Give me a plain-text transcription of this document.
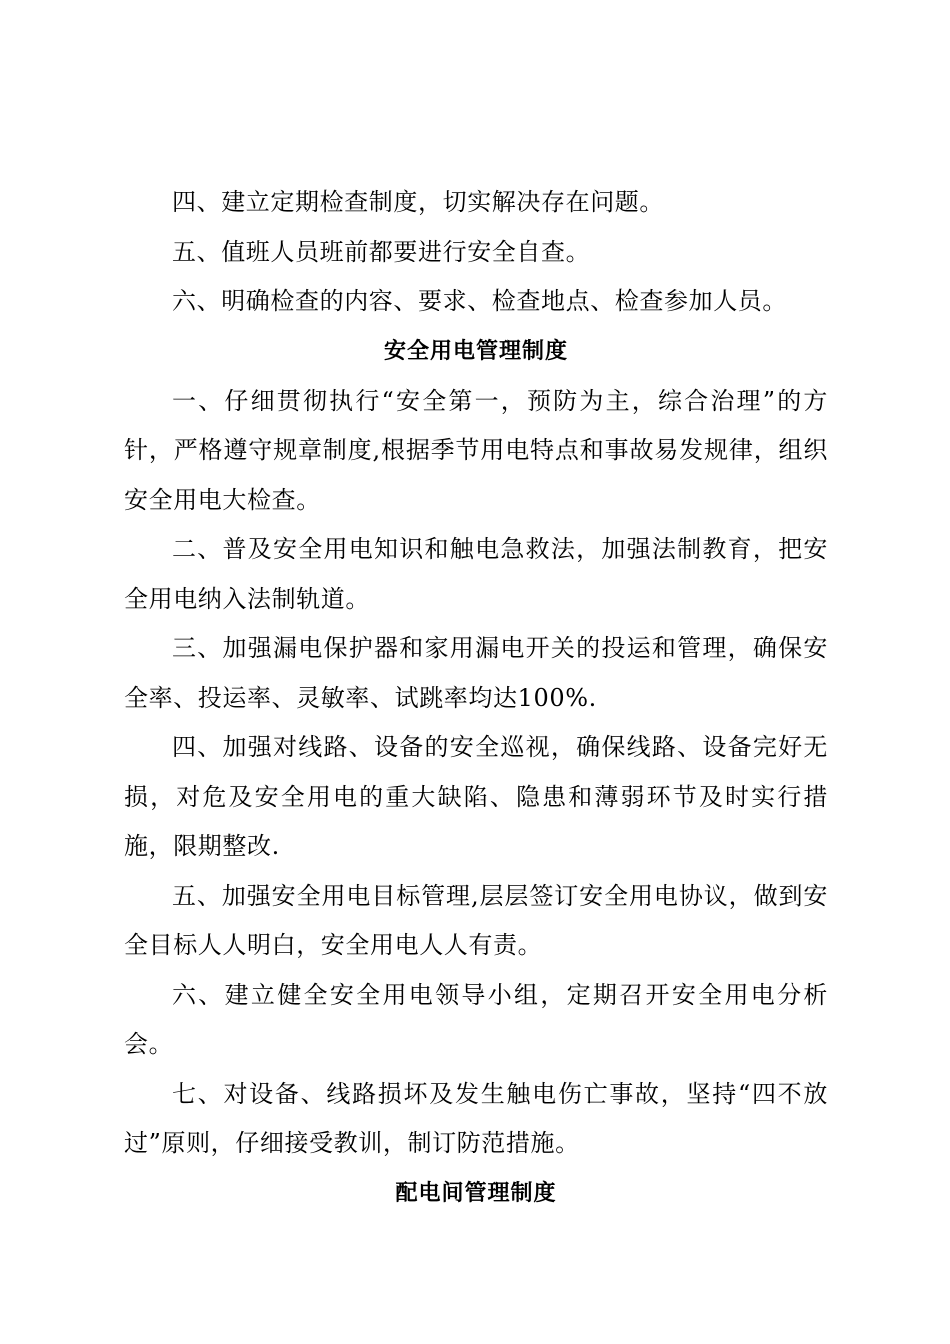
四、建立定期检查制度，切实解决存在问题。

五、值班人员班前都要进行安全自查。

六、明确检查的内容、要求、检查地点、检查参加人员。

安全用电管理制度

一、仔细贯彻执行“安全第一，预防为主，综合治理”的方针，严格遵守规章制度,根据季节用电特点和事故易发规律，组织安全用电大检查。

二、普及安全用电知识和触电急救法，加强法制教育，把安全用电纳入法制轨道。

三、加强漏电保护器和家用漏电开关的投运和管理，确保安全率、投运率、灵敏率、试跳率均达100%.

四、加强对线路、设备的安全巡视，确保线路、设备完好无损，对危及安全用电的重大缺陷、隐患和薄弱环节及时实行措施，限期整改.

五、加强安全用电目标管理,层层签订安全用电协议，做到安全目标人人明白，安全用电人人有责。

六、建立健全安全用电领导小组，定期召开安全用电分析会。

七、对设备、线路损坏及发生触电伤亡事故，坚持“四不放过”原则，仔细接受教训，制订防范措施。

配电间管理制度
